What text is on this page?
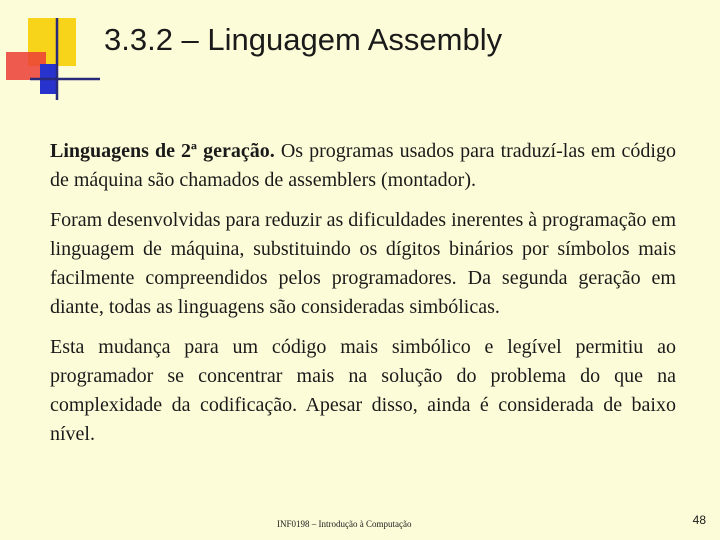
3.3.2 – Linguagem Assembly

Linguagens de 2ª geração. Os programas usados para traduzí-las em código de máquina são chamados de assemblers (montador).

Foram desenvolvidas para reduzir as dificuldades inerentes à programação em linguagem de máquina, substituindo os dígitos binários por símbolos mais facilmente compreendidos pelos programadores. Da segunda geração em diante, todas as linguagens são consideradas simbólicas.

Esta mudança para um código mais simbólico e legível permitiu ao programador se concentrar mais na solução do problema do que na complexidade da codificação. Apesar disso, ainda é considerada de baixo nível.

INF0198 – Introdução à Computação	48
